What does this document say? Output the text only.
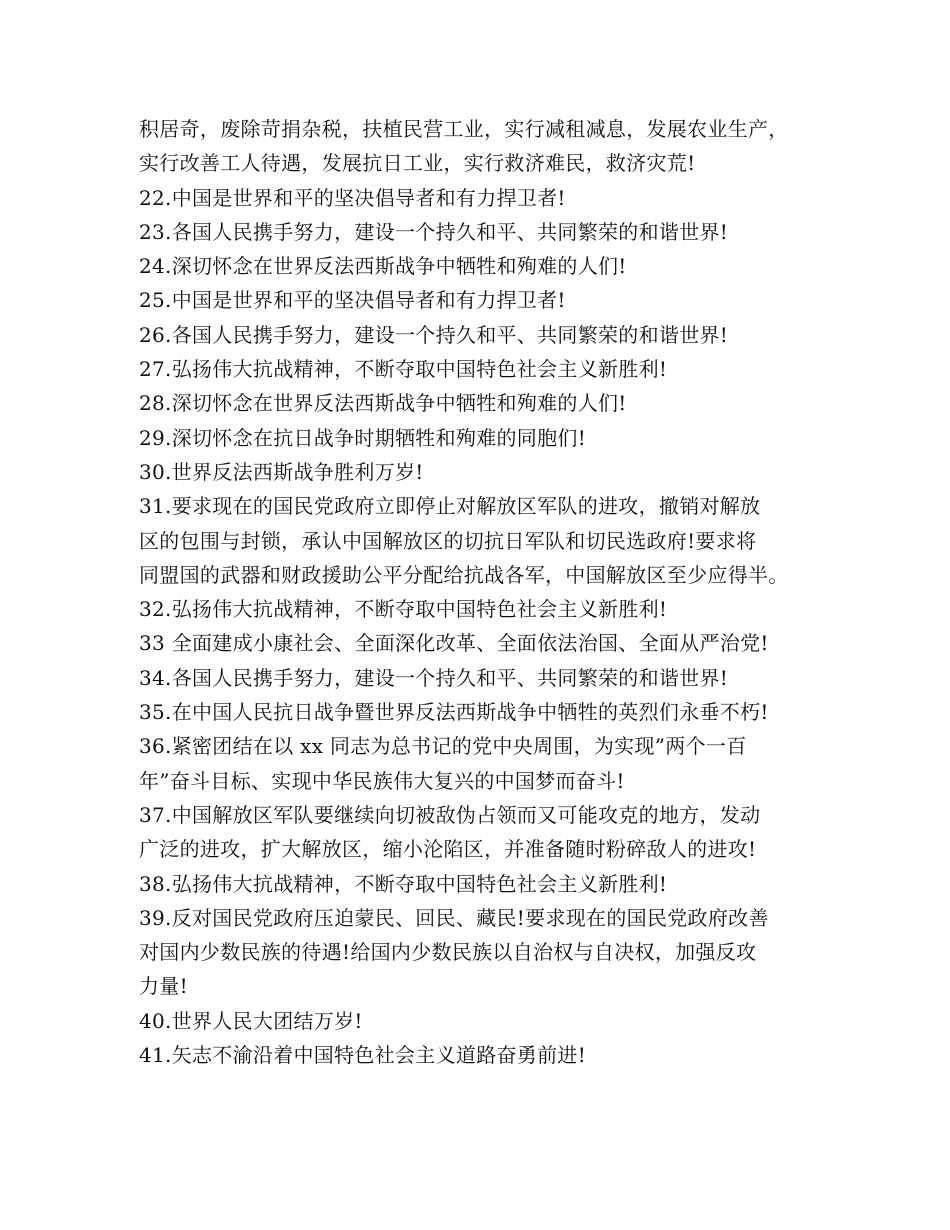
积居奇，废除苛捐杂税，扶植民营工业，实行减租减息，发展农业生产，
实行改善工人待遇，发展抗日工业，实行救济难民，救济灾荒!
22.中国是世界和平的坚决倡导者和有力捍卫者!
23.各国人民携手努力，建设一个持久和平、共同繁荣的和谐世界!
24.深切怀念在世界反法西斯战争中牺牲和殉难的人们!
25.中国是世界和平的坚决倡导者和有力捍卫者!
26.各国人民携手努力，建设一个持久和平、共同繁荣的和谐世界!
27.弘扬伟大抗战精神，不断夺取中国特色社会主义新胜利!
28.深切怀念在世界反法西斯战争中牺牲和殉难的人们!
29.深切怀念在抗日战争时期牺牲和殉难的同胞们!
30.世界反法西斯战争胜利万岁!
31.要求现在的国民党政府立即停止对解放区军队的进攻，撤销对解放
区的包围与封锁，承认中国解放区的切抗日军队和切民选政府!要求将
同盟国的武器和财政援助公平分配给抗战各军，中国解放区至少应得半。
32.弘扬伟大抗战精神，不断夺取中国特色社会主义新胜利!
33 全面建成小康社会、全面深化改革、全面依法治国、全面从严治党!
34.各国人民携手努力，建设一个持久和平、共同繁荣的和谐世界!
35.在中国人民抗日战争暨世界反法西斯战争中牺牲的英烈们永垂不朽!
36.紧密团结在以 xx 同志为总书记的党中央周围，为实现”两个一百
年”奋斗目标、实现中华民族伟大复兴的中国梦而奋斗!
37.中国解放区军队要继续向切被敌伪占领而又可能攻克的地方，发动
广泛的进攻，扩大解放区，缩小沦陷区，并准备随时粉碎敌人的进攻!
38.弘扬伟大抗战精神，不断夺取中国特色社会主义新胜利!
39.反对国民党政府压迫蒙民、回民、藏民!要求现在的国民党政府改善
对国内少数民族的待遇!给国内少数民族以自治权与自决权，加强反攻
力量!
40.世界人民大团结万岁!
41.矢志不渝沿着中国特色社会主义道路奋勇前进!
